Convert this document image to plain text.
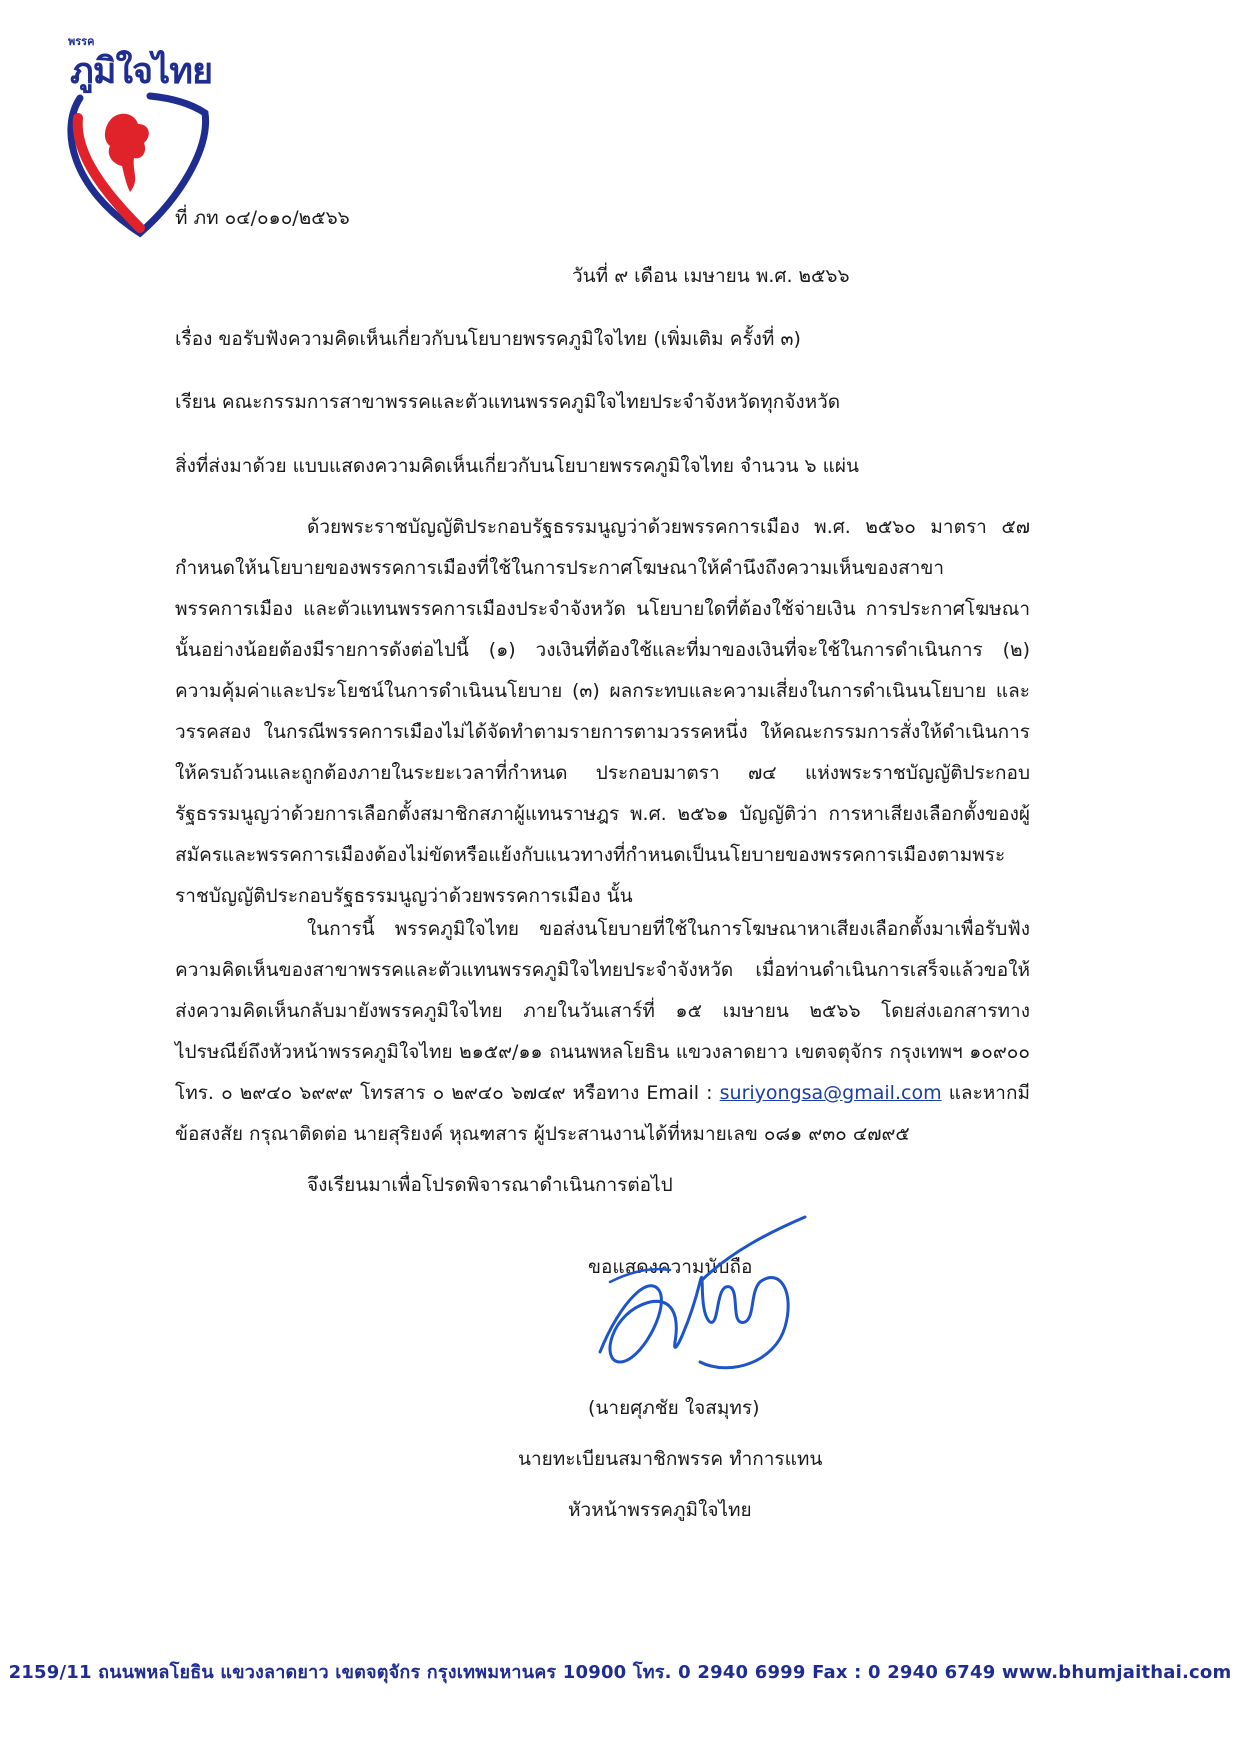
พรรค
ภูมิใจไทย
ที่ ภท ๐๔/๐๑๐/๒๕๖๖
วันที่ ๙ เดือน เมษายน พ.ศ. ๒๕๖๖
เรื่อง ขอรับฟังความคิดเห็นเกี่ยวกับนโยบายพรรคภูมิใจไทย (เพิ่มเติม ครั้งที่ ๓)
เรียน คณะกรรมการสาขาพรรคและตัวแทนพรรคภูมิใจไทยประจำจังหวัดทุกจังหวัด
สิ่งที่ส่งมาด้วย แบบแสดงความคิดเห็นเกี่ยวกับนโยบายพรรคภูมิใจไทย จำนวน ๖ แผ่น

ด้วยพระราชบัญญัติประกอบรัฐธรรมนูญว่าด้วยพรรคการเมือง พ.ศ. ๒๕๖๐ มาตรา ๕๗ กำหนดให้นโยบายของพรรคการเมืองที่ใช้ในการประกาศโฆษณาให้คำนึงถึงความเห็นของสาขาพรรคการเมือง และตัวแทนพรรคการเมืองประจำจังหวัด นโยบายใดที่ต้องใช้จ่ายเงิน การประกาศโฆษณานั้นอย่างน้อยต้องมีรายการดังต่อไปนี้ (๑) วงเงินที่ต้องใช้และที่มาของเงินที่จะใช้ในการดำเนินการ (๒) ความคุ้มค่าและประโยชน์ในการดำเนินนโยบาย (๓) ผลกระทบและความเสี่ยงในการดำเนินนโยบาย และวรรคสอง ในกรณีพรรคการเมืองไม่ได้จัดทำตามรายการตามวรรคหนึ่ง ให้คณะกรรมการสั่งให้ดำเนินการให้ครบถ้วนและถูกต้องภายในระยะเวลาที่กำหนด ประกอบมาตรา ๗๔ แห่งพระราชบัญญัติประกอบรัฐธรรมนูญว่าด้วยการเลือกตั้งสมาชิกสภาผู้แทนราษฎร พ.ศ. ๒๕๖๑ บัญญัติว่า การหาเสียงเลือกตั้งของผู้สมัครและพรรคการเมืองต้องไม่ขัดหรือแย้งกับแนวทางที่กำหนดเป็นนโยบายของพรรคการเมืองตามพระราชบัญญัติประกอบรัฐธรรมนูญว่าด้วยพรรคการเมือง นั้น

ในการนี้ พรรคภูมิใจไทย ขอส่งนโยบายที่ใช้ในการโฆษณาหาเสียงเลือกตั้งมาเพื่อรับฟังความคิดเห็นของสาขาพรรคและตัวแทนพรรคภูมิใจไทยประจำจังหวัด เมื่อท่านดำเนินการเสร็จแล้วขอให้ส่งความคิดเห็นกลับมายังพรรคภูมิใจไทย ภายในวันเสาร์ที่ ๑๕ เมษายน ๒๕๖๖ โดยส่งเอกสารทางไปรษณีย์ถึงหัวหน้าพรรคภูมิใจไทย ๒๑๕๙/๑๑ ถนนพหลโยธิน แขวงลาดยาว เขตจตุจักร กรุงเทพฯ ๑๐๙๐๐ โทร. ๐ ๒๙๔๐ ๖๙๙๙ โทรสาร ๐ ๒๙๔๐ ๖๗๔๙ หรือทาง Email : suriyongsa@gmail.com และหากมีข้อสงสัย กรุณาติดต่อ นายสุริยงค์ หุณฑสาร ผู้ประสานงานได้ที่หมายเลข ๐๘๑ ๙๓๐ ๔๗๙๕

จึงเรียนมาเพื่อโปรดพิจารณาดำเนินการต่อไป
ขอแสดงความนับถือ
(นายศุภชัย ใจสมุทร)
นายทะเบียนสมาชิกพรรค ทำการแทน
หัวหน้าพรรคภูมิใจไทย
2159/11 ถนนพหลโยธิน แขวงลาดยาว เขตจตุจักร กรุงเทพมหานคร 10900 โทร. 0 2940 6999 Fax : 0 2940 6749 www.bhumjaithai.com
